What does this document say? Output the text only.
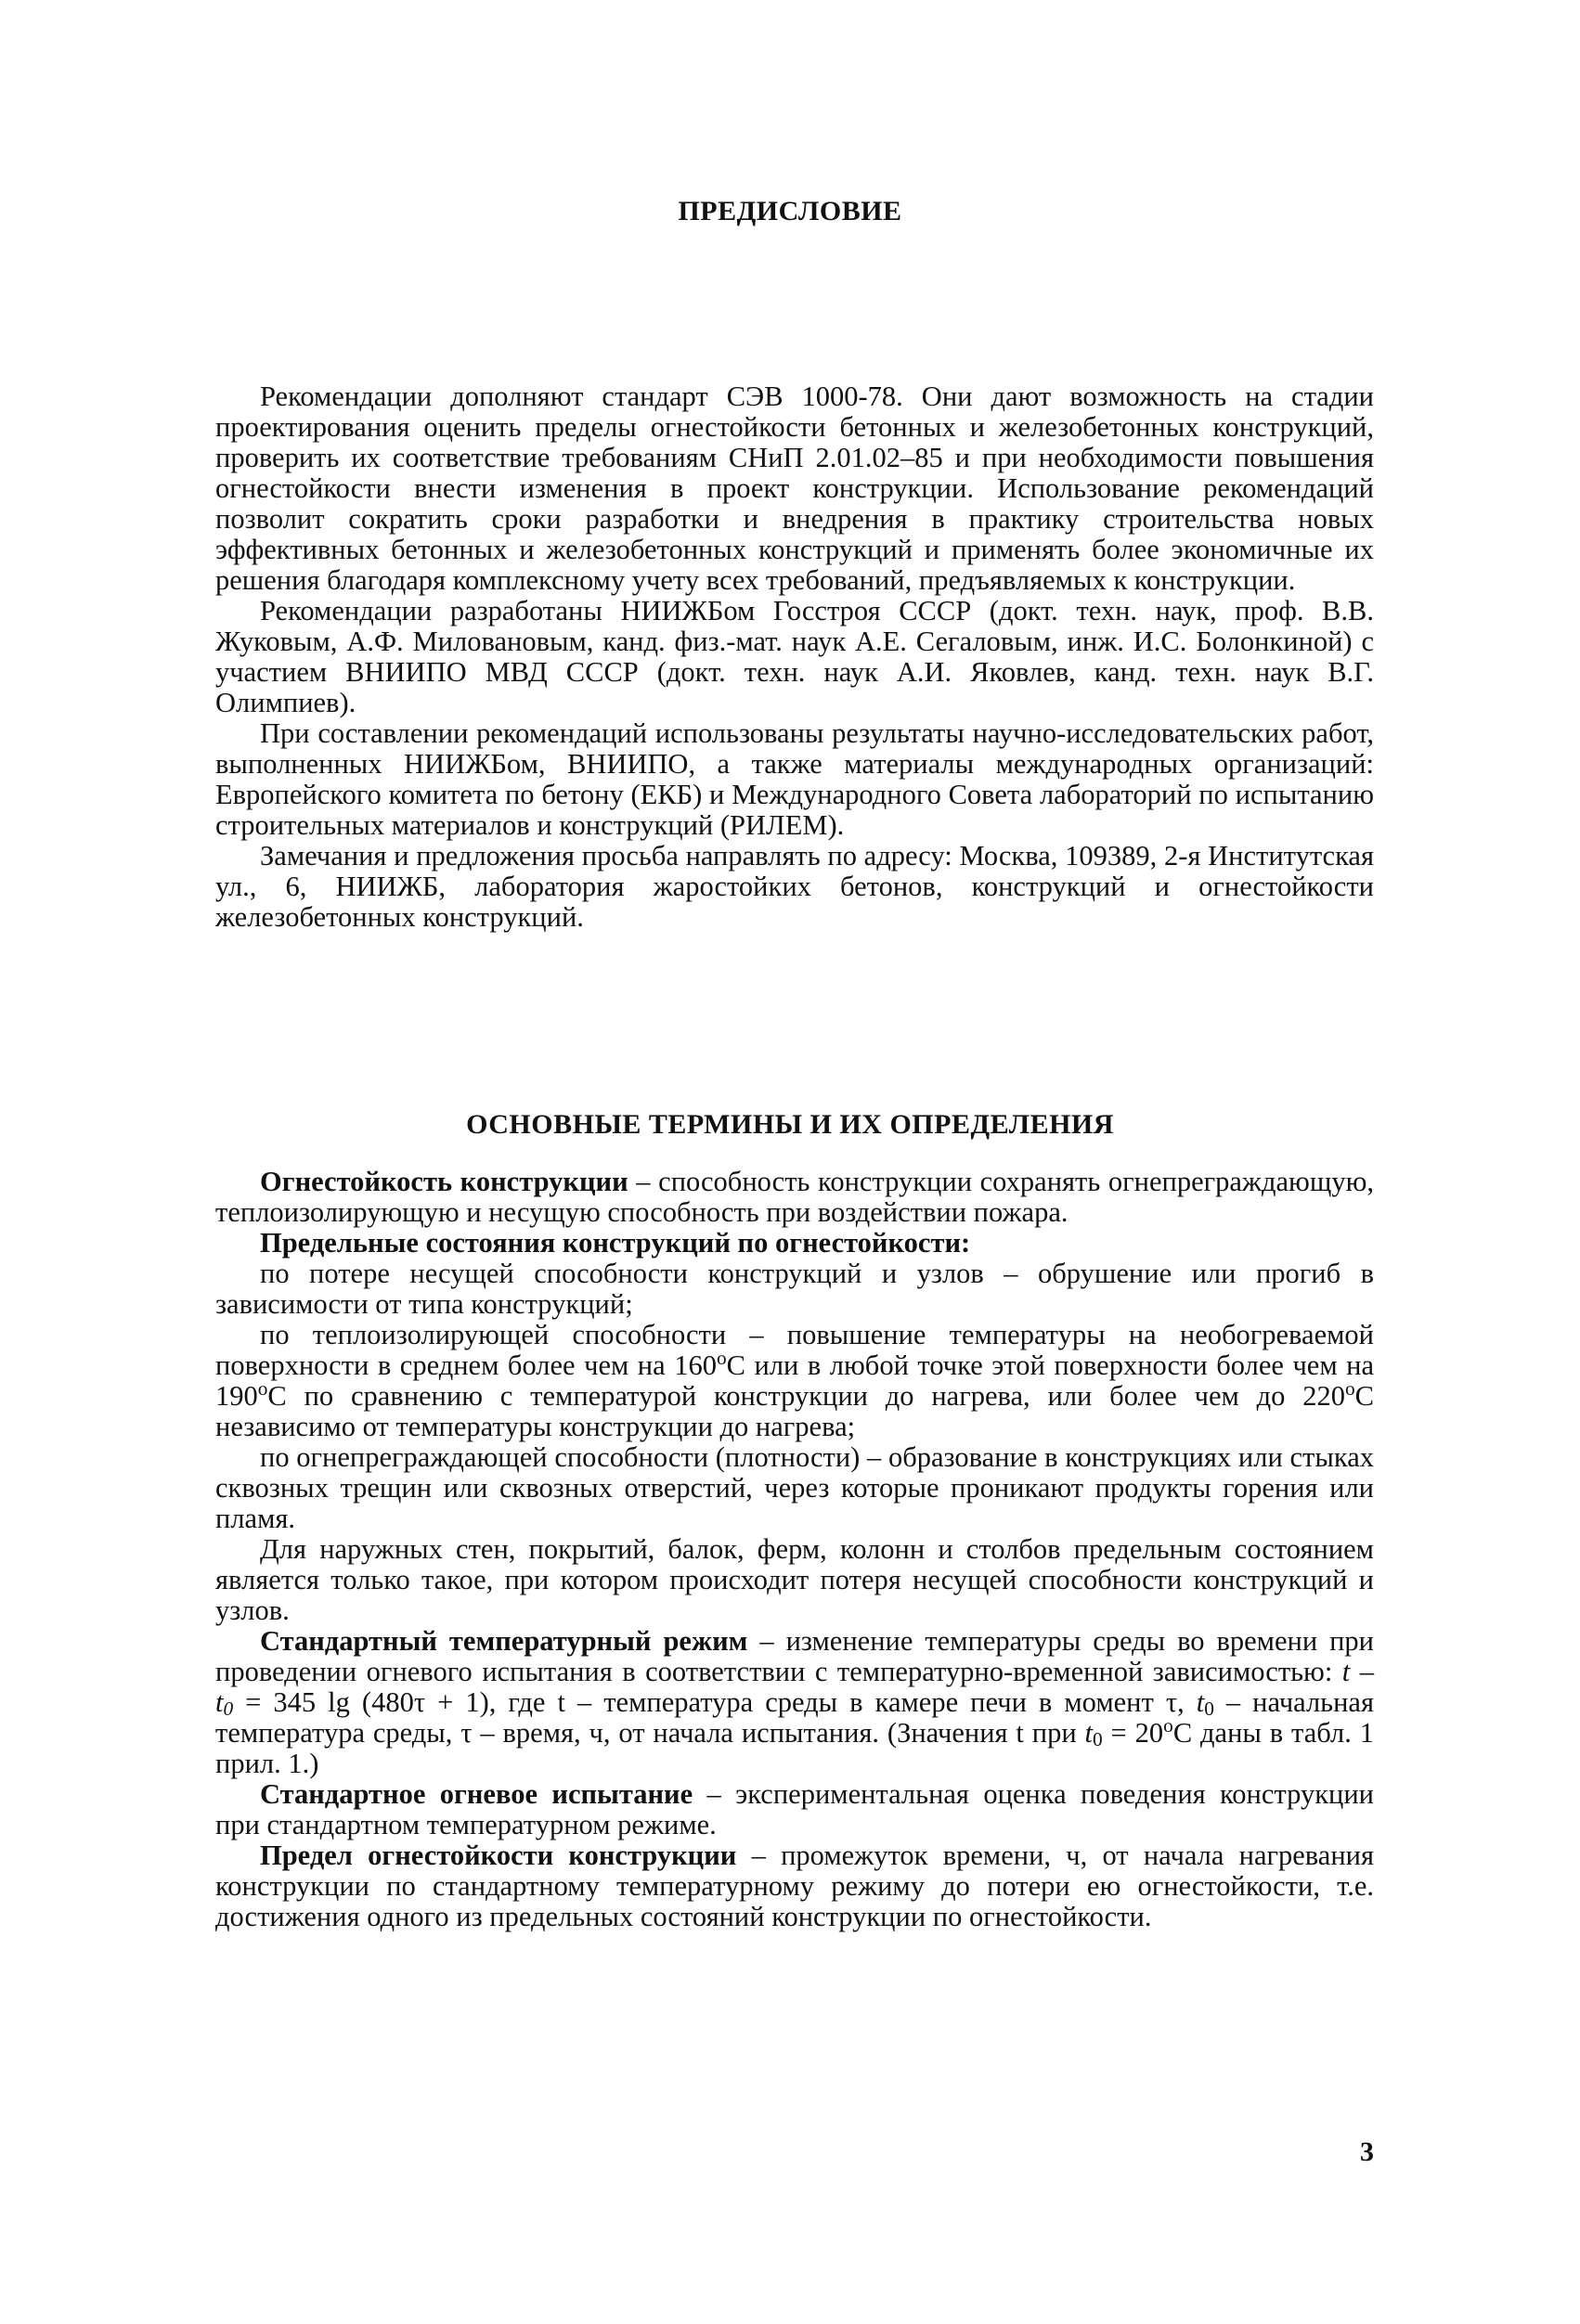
ПРЕДИСЛОВИЕ

Рекомендации дополняют стандарт СЭВ 1000-78. Они дают возможность на стадии проектирования оценить пределы огнестойкости бетонных и железобетонных конструкций, проверить их соответствие требованиям СНиП 2.01.02–85 и при необходимости повышения огнестойкости внести изменения в проект конструкции. Использование рекомендаций позволит сократить сроки разработки и внедрения в практику строительства новых эффективных бетонных и железобетонных конструкций и применять более экономичные их решения благодаря комплексному учету всех требований, предъявляемых к конструкции.

Рекомендации разработаны НИИЖБом Госстроя СССР (докт. техн. наук, проф. В.В. Жуковым, А.Ф. Миловановым, канд. физ.-мат. наук А.Е. Сегаловым, инж. И.С. Болонкиной) с участием ВНИИПО МВД СССР (докт. техн. наук А.И. Яковлев, канд. техн. наук В.Г. Олимпиев).

При составлении рекомендаций использованы результаты научно-исследовательских работ, выполненных НИИЖБом, ВНИИПО, а также материалы международных организаций: Европейского комитета по бетону (ЕКБ) и Международного Совета лабораторий по испытанию строительных материалов и конструкций (РИЛЕМ).

Замечания и предложения просьба направлять по адресу: Москва, 109389, 2-я Институтская ул., 6, НИИЖБ, лаборатория жаростойких бетонов, конструкций и огнестойкости железобетонных конструкций.

ОСНОВНЫЕ ТЕРМИНЫ И ИХ ОПРЕДЕЛЕНИЯ

Огнестойкость конструкции – способность конструкции сохранять огнепреграждающую, теплоизолирующую и несущую способность при воздействии пожара.

Предельные состояния конструкций по огнестойкости:

по потере несущей способности конструкций и узлов – обрушение или прогиб в зависимости от типа конструкций;

по теплоизолирующей способности – повышение температуры на необогреваемой поверхности в среднем более чем на $160^оC$ или в любой точке этой поверхности более чем на $190^оC$ по сравнению с температурой конструкции до нагрева, или более чем до $220^оC$ независимо от температуры конструкции до нагрева;

по огнепреграждающей способности (плотности) – образование в конструкциях или стыках сквозных трещин или сквозных отверстий, через которые проникают продукты горения или пламя.

Для наружных стен, покрытий, балок, ферм, колонн и столбов предельным состоянием является только такое, при котором происходит потеря несущей способности конструкций и узлов.

Стандартный температурный режим – изменение температуры среды во времени при проведении огневого испытания в соответствии с температурно-временной зависимостью: $t - t_0 = 345$ lg (480τ + 1), где t – температура среды в камере печи в момент τ, $t_0$ – начальная температура среды, τ – время, ч, от начала испытания. (Значения t при $t_0 = 20^оC$ даны в табл. 1 прил. 1.)

Стандартное огневое испытание – экспериментальная оценка поведения конструкции при стандартном температурном режиме.

Предел огнестойкости конструкции – промежуток времени, ч, от начала нагревания конструкции по стандартному температурному режиму до потери ею огнестойкости, т.е. достижения одного из предельных состояний конструкции по огнестойкости.

3
